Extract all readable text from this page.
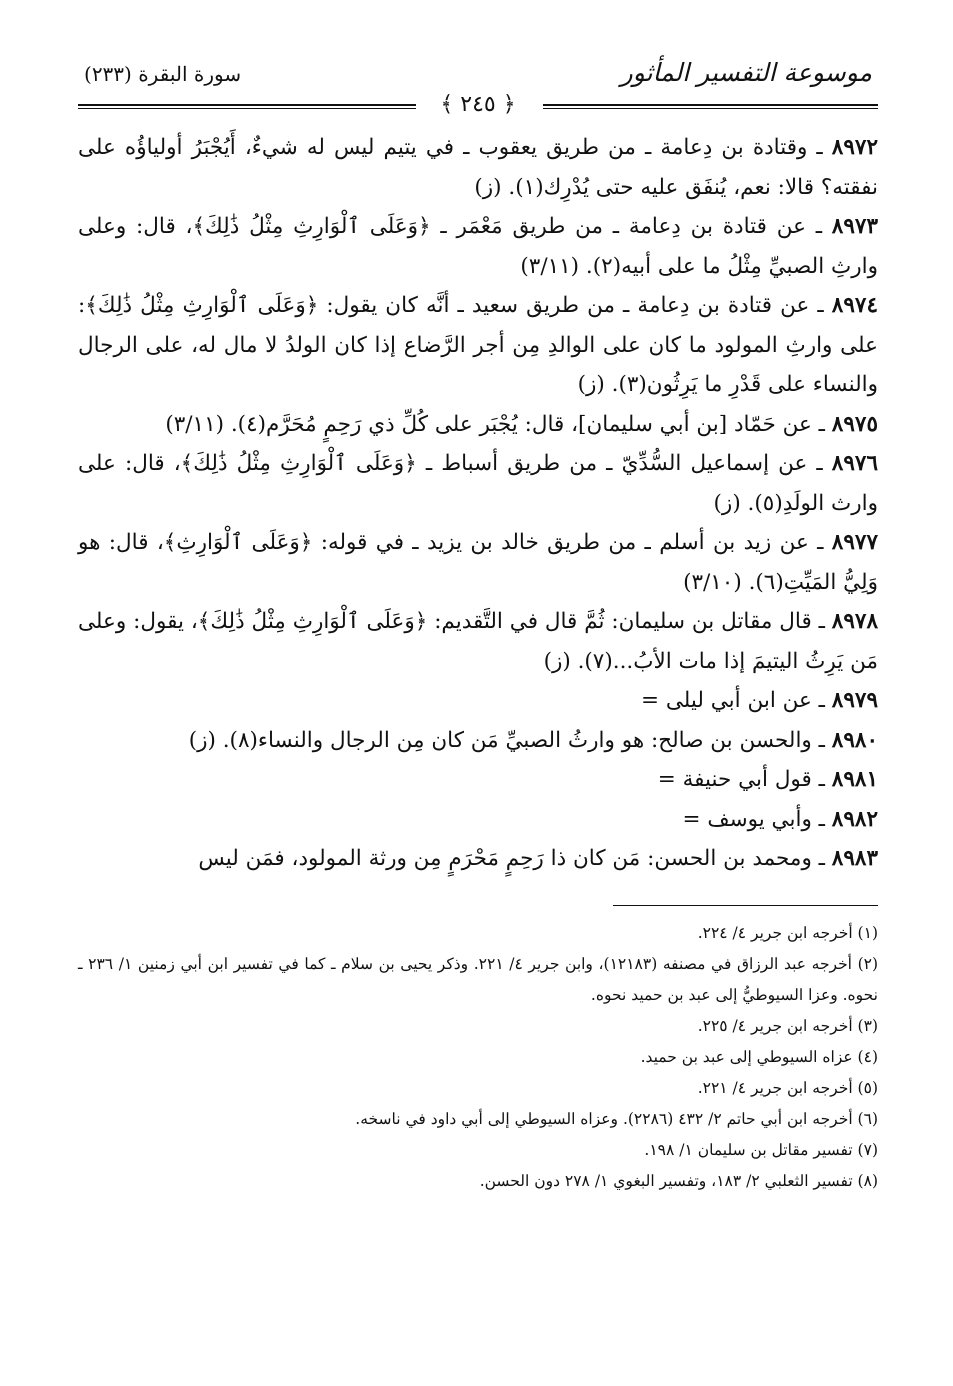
موسوعة التفسير المأثور
سورة البقرة (٢٣٣)
﴿ ٢٤٥ ﴾

٨٩٧٢ ـ وقتادة بن دِعامة ـ من طريق يعقوب ـ في يتيم ليس له شيءٌ، أَيُجْبَرُ أولياؤُه على نفقته؟ قالا: نعم، يُنفَق عليه حتى يُدْرِك(١). (ز)

٨٩٧٣ ـ عن قتادة بن دِعامة ـ من طريق مَعْمَر ـ ﴿وَعَلَى ٱلْوَارِثِ مِثْلُ ذَٰلِكَ﴾، قال: وعلى وارثِ الصبيِّ مِثْلُ ما على أبيه(٢). (٣/١١)

٨٩٧٤ ـ عن قتادة بن دِعامة ـ من طريق سعيد ـ أنَّه كان يقول: ﴿وَعَلَى ٱلْوَارِثِ مِثْلُ ذَٰلِكَ﴾: على وارثِ المولود ما كان على الوالدِ مِن أجر الرَّضاع إذا كان الولدُ لا مال له، على الرجال والنساء على قَدْرِ ما يَرِثُون(٣). (ز)

٨٩٧٥ ـ عن حَمّاد [بن أبي سليمان]، قال: يُجْبَر على كُلِّ ذي رَحِمٍ مُحَرَّم(٤). (٣/١١)

٨٩٧٦ ـ عن إسماعيل السُّدِّيّ ـ من طريق أسباط ـ ﴿وَعَلَى ٱلْوَارِثِ مِثْلُ ذَٰلِكَ﴾، قال: على وارث الولَدِ(٥). (ز)

٨٩٧٧ ـ عن زيد بن أسلم ـ من طريق خالد بن يزيد ـ في قوله: ﴿وَعَلَى ٱلْوَارِثِ﴾، قال: هو وَلِيُّ المَيِّتِ(٦). (٣/١٠)

٨٩٧٨ ـ قال مقاتل بن سليمان: ثُمَّ قال في التَّقديم: ﴿وَعَلَى ٱلْوَارِثِ مِثْلُ ذَٰلِكَ﴾، يقول: وعلى مَن يَرِثُ اليتيمَ إذا مات الأبُ...(٧). (ز)

٨٩٧٩ ـ عن ابن أبي ليلى =

٨٩٨٠ ـ والحسن بن صالح: هو وارثُ الصبيِّ مَن كان مِن الرجال والنساء(٨). (ز)

٨٩٨١ ـ قول أبي حنيفة =

٨٩٨٢ ـ وأبي يوسف =

٨٩٨٣ ـ ومحمد بن الحسن: مَن كان ذا رَحِمٍ مَحْرَمٍ مِن ورثة المولود، فمَن ليس

(١) أخرجه ابن جرير ٤/ ٢٢٤.

(٢) أخرجه عبد الرزاق في مصنفه (١٢١٨٣)، وابن جرير ٤/ ٢٢١. وذكر يحيى بن سلام ـ كما في تفسير ابن أبي زمنين ١/ ٢٣٦ ـ نحوه. وعزا السيوطيُّ إلى عبد بن حميد نحوه.

(٣) أخرجه ابن جرير ٤/ ٢٢٥.

(٤) عزاه السيوطي إلى عبد بن حميد.

(٥) أخرجه ابن جرير ٤/ ٢٢١.

(٦) أخرجه ابن أبي حاتم ٢/ ٤٣٢ (٢٢٨٦). وعزاه السيوطي إلى أبي داود في ناسخه.

(٧) تفسير مقاتل بن سليمان ١/ ١٩٨.

(٨) تفسير الثعلبي ٢/ ١٨٣، وتفسير البغوي ١/ ٢٧٨ دون الحسن.
